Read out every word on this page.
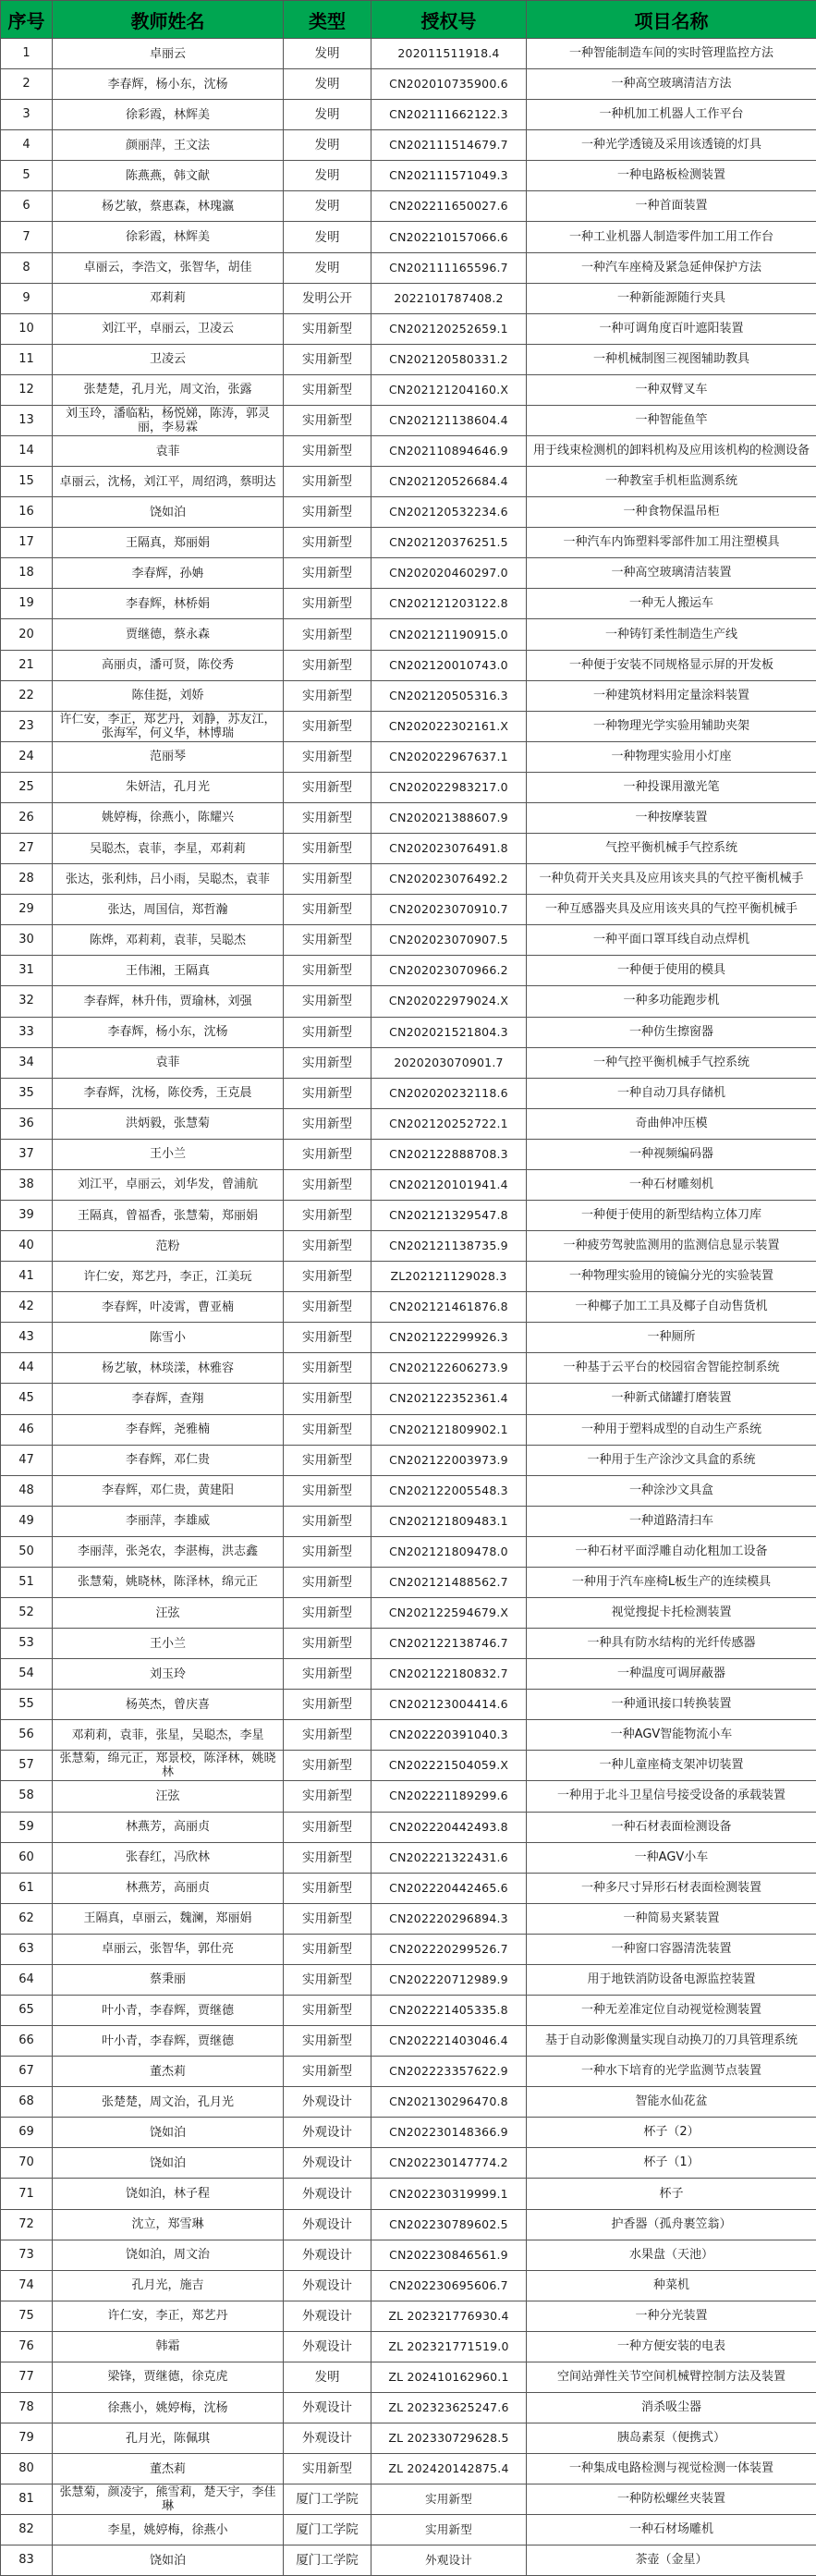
序号	教师姓名	类型	授权号	项目名称
1	卓丽云	发明	202011511918.4	一种智能制造车间的实时管理监控方法
2	李春辉，杨小东，沈杨	发明	CN202010735900.6	一种高空玻璃清洁方法
3	徐彩霞，林辉美	发明	CN202111662122.3	一种机加工机器人工作平台
4	颜丽萍，王文法	发明	CN202111514679.7	一种光学透镜及采用该透镜的灯具
5	陈燕燕，韩文献	发明	CN202111571049.3	一种电路板检测装置
6	杨艺敏，蔡惠森，林瑰瀛	发明	CN202211650027.6	一种首面装置
7	徐彩霞，林辉美	发明	CN202210157066.6	一种工业机器人制造零件加工用工作台
8	卓丽云，李浩文，张智华，胡佳	发明	CN202111165596.7	一种汽车座椅及紧急延伸保护方法
9	邓莉莉	发明公开	2022101787408.2	一种新能源随行夹具
10	刘江平，卓丽云，卫凌云	实用新型	CN202120252659.1	一种可调角度百叶遮阳装置
11	卫凌云	实用新型	CN202120580331.2	一种机械制图三视图辅助教具
12	张楚楚，孔月光，周文治，张露	实用新型	CN202121204160.X	一种双臂叉车
13	刘玉玲，潘临粘，杨悦娣，陈涛，郭灵丽，李易霖	实用新型	CN202121138604.4	一种智能鱼竿
14	袁菲	实用新型	CN202110894646.9	用于线束检测机的卸料机构及应用该机构的检测设备
15	卓丽云，沈杨，刘江平，周绍鸿，蔡明达	实用新型	CN202120526684.4	一种教室手机柜监测系统
16	饶如泊	实用新型	CN202120532234.6	一种食物保温吊柜
17	王隔真，郑丽娟	实用新型	CN202120376251.5	一种汽车内饰塑料零部件加工用注塑模具
18	李春辉，孙姌	实用新型	CN202020460297.0	一种高空玻璃清洁装置
19	李春辉，林桥娟	实用新型	CN202121203122.8	一种无人搬运车
20	贾继德，蔡永森	实用新型	CN202121190915.0	一种铸钉柔性制造生产线
21	高丽贞，潘可贤，陈佼秀	实用新型	CN202120010743.0	一种便于安装不同规格显示屏的开发板
22	陈佳挺，刘娇	实用新型	CN202120505316.3	一种建筑材料用定量涂料装置
23	许仁安，李正，郑艺丹，刘静，苏友江，张海军，何义华，林博瑞	实用新型	CN202022302161.X	一种物理光学实验用辅助夹架
24	范丽琴	实用新型	CN202022967637.1	一种物理实验用小灯座
25	朱妍洁，孔月光	实用新型	CN202022983217.0	一种投课用激光笔
26	姚婷梅，徐燕小，陈耀兴	实用新型	CN202021388607.9	一种按摩装置
27	吴聪杰，袁菲，李星，邓莉莉	实用新型	CN202023076491.8	气控平衡机械手气控系统
28	张达，张利炜，吕小雨，吴聪杰，袁菲	实用新型	CN202023076492.2	一种负荷开关夹具及应用该夹具的气控平衡机械手
29	张达，周国信，郑哲瀚	实用新型	CN202023070910.7	一种互感器夹具及应用该夹具的气控平衡机械手
30	陈烨，邓莉莉，袁菲，吴聪杰	实用新型	CN202023070907.5	一种平面口罩耳线自动点焊机
31	王伟湘，王隔真	实用新型	CN202023070966.2	一种便于使用的模具
32	李春辉，林升伟，贾瑜林，刘强	实用新型	CN202022979024.X	一种多功能跑步机
33	李春辉，杨小东，沈杨	实用新型	CN202021521804.3	一种仿生擦窗器
34	袁菲	实用新型	2020203070901.7	一种气控平衡机械手气控系统
35	李春辉，沈杨，陈佼秀，王克晨	实用新型	CN202020232118.6	一种自动刀具存储机
36	洪炳毅，张慧菊	实用新型	CN202120252722.1	奇曲伸冲压模
37	王小兰	实用新型	CN202122888708.3	一种视频编码器
38	刘江平，卓丽云，刘华发，曾浦航	实用新型	CN202120101941.4	一种石材雕刻机
39	王隔真，曾福香，张慧菊，郑丽娟	实用新型	CN202121329547.8	一种便于使用的新型结构立体刀库
40	范粉	实用新型	CN202121138735.9	一种疲劳驾驶监测用的监测信息显示装置
41	许仁安，郑艺丹，李正，江美玩	实用新型	ZL202121129028.3	一种物理实验用的镜偏分光的实验装置
42	李春辉，叶凌霄，曹亚楠	实用新型	CN202121461876.8	一种椰子加工工具及椰子自动售货机
43	陈雪小	实用新型	CN202122299926.3	一种厕所
44	杨艺敏，林琰漾，林雅容	实用新型	CN202122606273.9	一种基于云平台的校园宿舍智能控制系统
45	李春辉，查翔	实用新型	CN202122352361.4	一种新式储罐打磨装置
46	李春辉，尧雅楠	实用新型	CN202121809902.1	一种用于塑料成型的自动生产系统
47	李春辉，邓仁贵	实用新型	CN202122003973.9	一种用于生产涂沙文具盒的系统
48	李春辉，邓仁贵，黄建阳	实用新型	CN202122005548.3	一种涂沙文具盒
49	李丽萍，李雄威	实用新型	CN202121809483.1	一种道路清扫车
50	李丽萍，张尧农，李湛梅，洪志鑫	实用新型	CN202121809478.0	一种石材平面浮雕自动化粗加工设备
51	张慧菊，姚晓林，陈泽林，绵元正	实用新型	CN202121488562.7	一种用于汽车座椅L板生产的连续模具
52	汪弦	实用新型	CN202122594679.X	视觉搜捉卡托检测装置
53	王小兰	实用新型	CN202122138746.7	一种具有防水结构的光纤传感器
54	刘玉玲	实用新型	CN202122180832.7	一种温度可调屏蔽器
55	杨英杰，曾庆喜	实用新型	CN202123004414.6	一种通讯接口转换装置
56	邓莉莉，袁菲，张星，吴聪杰，李星	实用新型	CN202220391040.3	一种AGV智能物流小车
57	张慧菊，绵元正，郑景校，陈泽林，姚晓林	实用新型	CN202221504059.X	一种儿童座椅支架冲切装置
58	汪弦	实用新型	CN202221189299.6	一种用于北斗卫星信号接受设备的承载装置
59	林燕芳，高丽贞	实用新型	CN202220442493.8	一种石材表面检测设备
60	张春红，冯欣林	实用新型	CN202221322431.6	一种AGV小车
61	林燕芳，高丽贞	实用新型	CN202220442465.6	一种多尺寸异形石材表面检测装置
62	王隔真，卓丽云，魏澜，郑丽娟	实用新型	CN202220296894.3	一种简易夹紧装置
63	卓丽云，张智华，郭仕亮	实用新型	CN202220299526.7	一种窗口容器清洗装置
64	蔡秉丽	实用新型	CN202220712989.9	用于地铁消防设备电源监控装置
65	叶小青，李春辉，贾继德	实用新型	CN202221405335.8	一种无差准定位自动视觉检测装置
66	叶小青，李春辉，贾继德	实用新型	CN202221403046.4	基于自动影像测量实现自动换刀的刀具管理系统
67	董杰莉	实用新型	CN202223357622.9	一种水下培育的光学监测节点装置
68	张楚楚，周文治，孔月光	外观设计	CN202130296470.8	智能水仙花盆
69	饶如泊	外观设计	CN202230148366.9	杯子（2）
70	饶如泊	外观设计	CN202230147774.2	杯子（1）
71	饶如泊，林子程	外观设计	CN202230319999.1	杯子
72	沈立，郑雪琳	外观设计	CN202230789602.5	护香器（孤舟裹笠翁）
73	饶如泊，周文治	外观设计	CN202230846561.9	水果盘（天池）
74	孔月光，施吉	外观设计	CN202230695606.7	种菜机
75	许仁安，李正，郑艺丹	外观设计	ZL 202321776930.4	一种分光装置
76	韩霜	外观设计	ZL 202321771519.0	一种方便安装的电表
77	梁锋，贾继德，徐克虎	发明	ZL 202410162960.1	空间站弹性关节空间机械臂控制方法及装置
78	徐燕小，姚婷梅，沈杨	外观设计	ZL 202323625247.6	消杀吸尘器
79	孔月光，陈佩琪	外观设计	ZL 202330729628.5	胰岛素泵（便携式）
80	董杰莉	实用新型	ZL 202420142875.4	一种集成电路检测与视觉检测一体装置
81	张慧菊，颜凌宇，熊雪莉，楚天宇，李佳琳	厦门工学院	实用新型	一种防松螺丝夹装置
82	李星，姚婷梅，徐燕小	厦门工学院	实用新型	一种石材场雕机
83	饶如泊	厦门工学院	外观设计	茶壶（金星）
